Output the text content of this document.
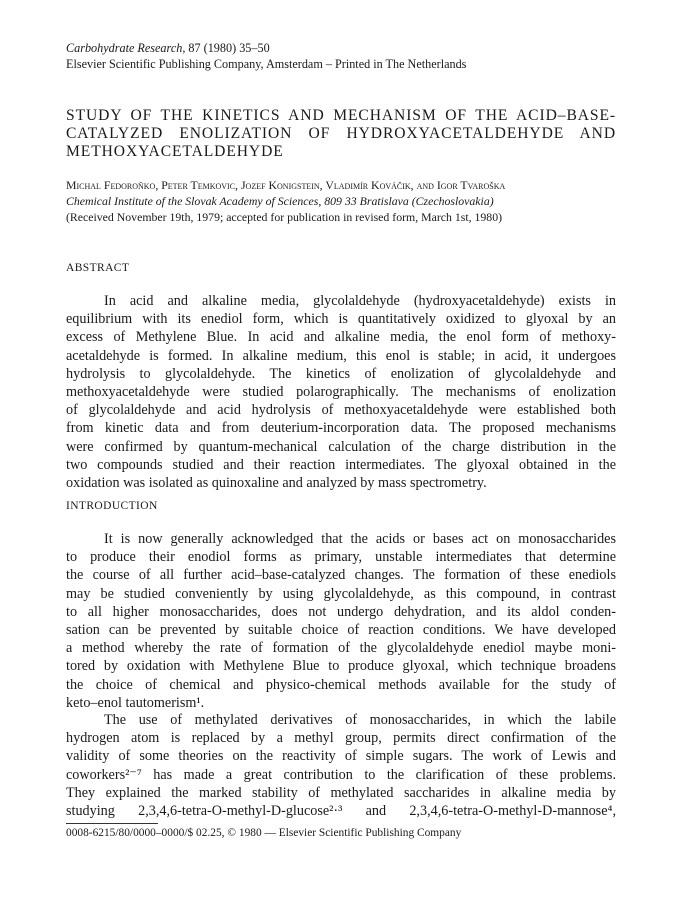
Carbohydrate Research, 87 (1980) 35–50
Elsevier Scientific Publishing Company, Amsterdam – Printed in The Netherlands
STUDY OF THE KINETICS AND MECHANISM OF THE ACID–BASE-
CATALYZED ENOLIZATION OF HYDROXYACETALDEHYDE AND
METHOXYACETALDEHYDE
Michal Fedoroňko, Peter Temkovic, Jozef Konigstein, Vladimír Kováčik, and Igor Tvaroška
Chemical Institute of the Slovak Academy of Sciences, 809 33 Bratislava (Czechoslovakia)
(Received November 19th, 1979; accepted for publication in revised form, March 1st, 1980)
ABSTRACT
In acid and alkaline media, glycolaldehyde (hydroxyacetaldehyde) exists in
equilibrium with its enediol form, which is quantitatively oxidized to glyoxal by an
excess of Methylene Blue. In acid and alkaline media, the enol form of methoxy-
acetaldehyde is formed. In alkaline medium, this enol is stable; in acid, it undergoes
hydrolysis to glycolaldehyde. The kinetics of enolization of glycolaldehyde and
methoxyacetaldehyde were studied polarographically. The mechanisms of enolization
of glycolaldehyde and acid hydrolysis of methoxyacetaldehyde were established both
from kinetic data and from deuterium-incorporation data. The proposed mechanisms
were confirmed by quantum-mechanical calculation of the charge distribution in the
two compounds studied and their reaction intermediates. The glyoxal obtained in the
oxidation was isolated as quinoxaline and analyzed by mass spectrometry.
INTRODUCTION
It is now generally acknowledged that the acids or bases act on monosaccharides
to produce their enodiol forms as primary, unstable intermediates that determine
the course of all further acid–base-catalyzed changes. The formation of these enediols
may be studied conveniently by using glycolaldehyde, as this compound, in contrast
to all higher monosaccharides, does not undergo dehydration, and its aldol conden-
sation can be prevented by suitable choice of reaction conditions. We have developed
a method whereby the rate of formation of the glycolaldehyde enediol maybe moni-
tored by oxidation with Methylene Blue to produce glyoxal, which technique broadens
the choice of chemical and physico-chemical methods available for the study of
keto–enol tautomerism¹.
The use of methylated derivatives of monosaccharides, in which the labile
hydrogen atom is replaced by a methyl group, permits direct confirmation of the
validity of some theories on the reactivity of simple sugars. The work of Lewis and
coworkers²⁻⁷ has made a great contribution to the clarification of these problems.
They explained the marked stability of methylated saccharides in alkaline media by
studying 2,3,4,6-tetra-O-methyl-D-glucose²·³ and 2,3,4,6-tetra-O-methyl-D-mannose⁴,
0008-6215/80/0000–0000/$ 02.25, © 1980 — Elsevier Scientific Publishing Company
